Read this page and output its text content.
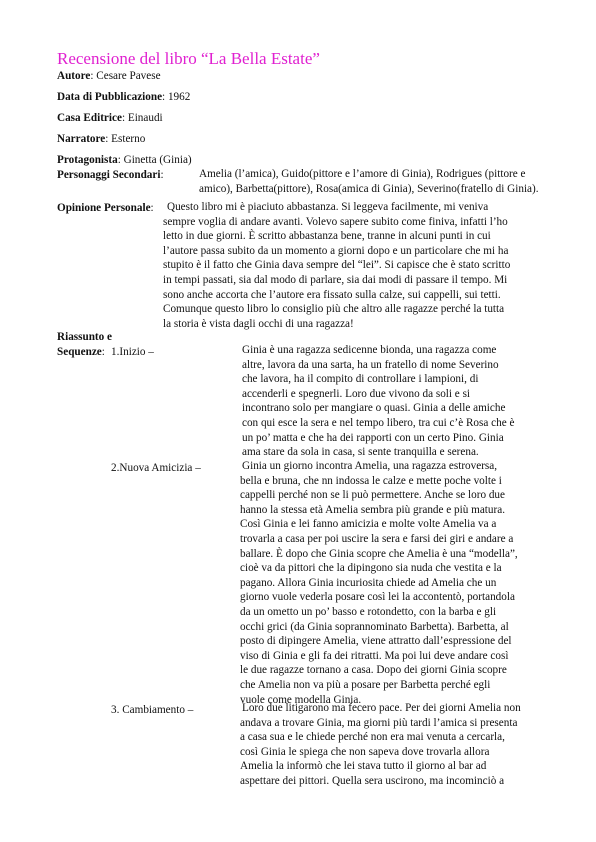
Recensione del libro “La Bella Estate”
Autore: Cesare Pavese
Data di Pubblicazione: 1962
Casa Editrice: Einaudi
Narratore: Esterno
Protagonista: Ginetta (Ginia)
Personaggi Secondari:	Amelia (l’amica), Guido(pittore e l’amore di Ginia), Rodrigues (pittore e
amico), Barbetta(pittore), Rosa(amica di Ginia), Severino(fratello di Ginia).
Opinione Personale: Questo libro mi è piaciuto abbastanza. Si leggeva facilmente, mi veniva
sempre voglia di andare avanti. Volevo sapere subito come finiva, infatti l’ho
letto in due giorni. È scritto abbastanza bene, tranne in alcuni punti in cui
l’autore passa subito da un momento a giorni dopo e un particolare che mi ha
stupito è il fatto che Ginia dava sempre del “lei”. Si capisce che è stato scritto
in tempi passati, sia dal modo di parlare, sia dai modi di passare il tempo. Mi
sono anche accorta che l’autore era fissato sulla calze, sui cappelli, sui tetti.
Comunque questo libro lo consiglio più che altro alle ragazze perché la tutta
la storia è vista dagli occhi di una ragazza!
Riassunto e
Sequenze: 1.Inizio –	Ginia è una ragazza sedicenne bionda, una ragazza come
altre, lavora da una sarta, ha un fratello di nome Severino
che lavora, ha il compito di controllare i lampioni, di
accenderli e spegnerli. Loro due vivono da soli e si
incontrano solo per mangiare o quasi. Ginia a delle amiche
con qui esce la sera e nel tempo libero, tra cui c’è Rosa che è
un po’ matta e che ha dei rapporti con un certo Pino. Ginia
ama stare da sola in casa, si sente tranquilla e serena.
2.Nuova Amicizia –	Ginia un giorno incontra Amelia, una ragazza estroversa,
bella e bruna, che nn indossa le calze e mette poche volte i
cappelli perché non se li può permettere. Anche se loro due
hanno la stessa età Amelia sembra più grande e più matura.
Così Ginia e lei fanno amicizia e molte volte Amelia va a
trovarla a casa per poi uscire la sera e farsi dei giri e andare a
ballare. È dopo che Ginia scopre che Amelia è una “modella”,
cioè va da pittori che la dipingono sia nuda che vestita e la
pagano. Allora Ginia incuriosita chiede ad Amelia che un
giorno vuole vederla posare così lei la accontentò, portandola
da un ometto un po’ basso e rotondetto, con la barba e gli
occhi grici (da Ginia soprannominato Barbetta). Barbetta, al
posto di dipingere Amelia, viene attratto dall’espressione del
viso di Ginia e gli fa dei ritratti. Ma poi lui deve andare così
le due ragazze tornano a casa. Dopo dei giorni Ginia scopre
che Amelia non va più a posare per Barbetta perché egli
vuole come modella Ginia.
3. Cambiamento –	Loro due litigarono ma fecero pace. Per dei giorni Amelia non
andava a trovare Ginia, ma giorni più tardi l’amica si presenta
a casa sua e le chiede perché non era mai venuta a cercarla,
così Ginia le spiega che non sapeva dove trovarla allora
Amelia la informò che lei stava tutto il giorno al bar ad
aspettare dei pittori. Quella sera uscirono, ma incominciò a
